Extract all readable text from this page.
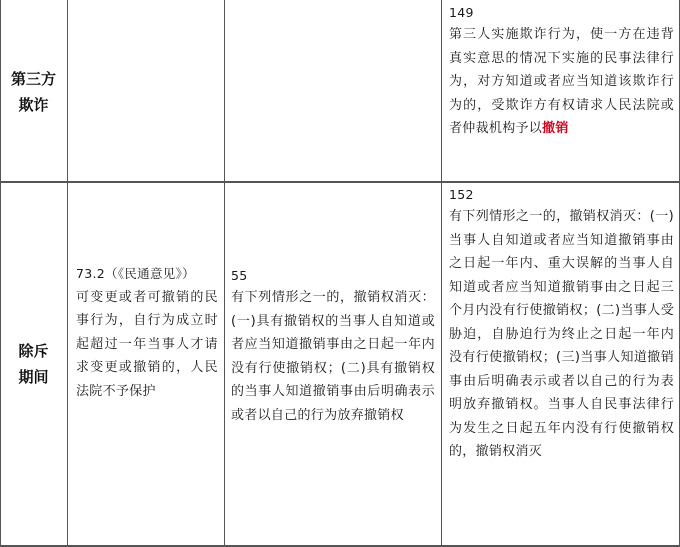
第三方
欺诈
149
第三人实施欺诈行为，使一方在违背真实意思的情况下实施的民事法律行为，对方知道或者应当知道该欺诈行为的，受欺诈方有权请求人民法院或者仲裁机构予以撤销
除斥
期间
73.2（《民通意见》）
可变更或者可撤销的民事行为，自行为成立时起超过一年当事人才请求变更或撤销的，人民法院不予保护
55
有下列情形之一的，撤销权消灭：(一)具有撤销权的当事人自知道或者应当知道撤销事由之日起一年内没有行使撤销权；(二)具有撤销权的当事人知道撤销事由后明确表示或者以自己的行为放弃撤销权
152
有下列情形之一的，撤销权消灭：(一)当事人自知道或者应当知道撤销事由之日起一年内、重大误解的当事人自知道或者应当知道撤销事由之日起三个月内没有行使撤销权；(二)当事人受胁迫，自胁迫行为终止之日起一年内没有行使撤销权；(三)当事人知道撤销事由后明确表示或者以自己的行为表明放弃撤销权。当事人自民事法律行为发生之日起五年内没有行使撤销权的，撤销权消灭
